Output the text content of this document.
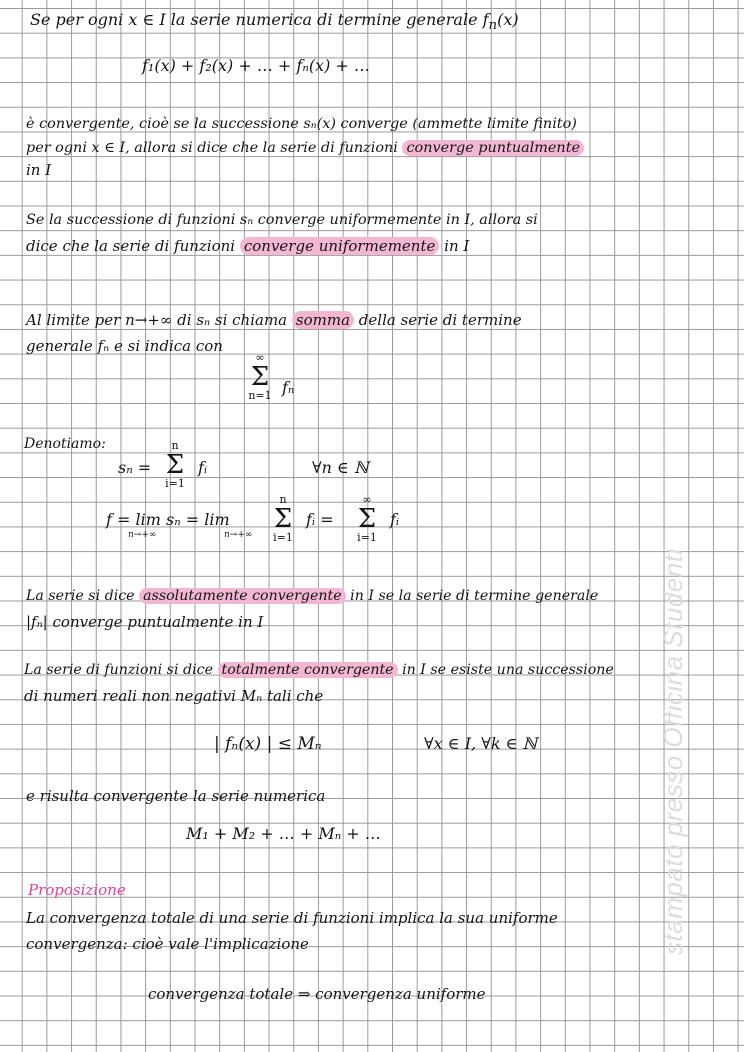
Se per ogni x ∈ I la serie numerica di termine generale $f_n(x)$
f₁(x) + f₂(x) + … + fₙ(x) + …
è convergente, cioè se la successione sₙ(x) converge (ammette limite finito)
per ogni x ∈ I, allora si dice che la serie di funzioni converge puntualmente
in I
Se la successione di funzioni sₙ converge uniformemente in I, allora si
dice che la serie di funzioni converge uniformemente in I
Al limite per n→+∞ di sₙ si chiama somma della serie di termine
generale fₙ e si indica con
∞
Σ
n=1 fₙ
Denotiamo:
sₙ =
n
Σ
i=1
fᵢ	∀n ∈ ℕ
f = lim sₙ = lim
n→+∞	n→+∞
n
Σ
i=1
fᵢ =
∞
Σ
i=1
fᵢ
La serie si dice assolutamente convergente in I se la serie di termine generale
|fₙ| converge puntualmente in I
La serie di funzioni si dice totalmente convergente in I se esiste una successione
di numeri reali non negativi Mₙ tali che
| fₙ(x) | ≤ Mₙ	∀x ∈ I, ∀k ∈ ℕ
e risulta convergente la serie numerica
M₁ + M₂ + … + Mₙ + …
Proposizione
La convergenza totale di una serie di funzioni implica la sua uniforme
convergenza: cioè vale l'implicazione
convergenza totale ⇒ convergenza uniforme
stampato presso Officina Studenti
